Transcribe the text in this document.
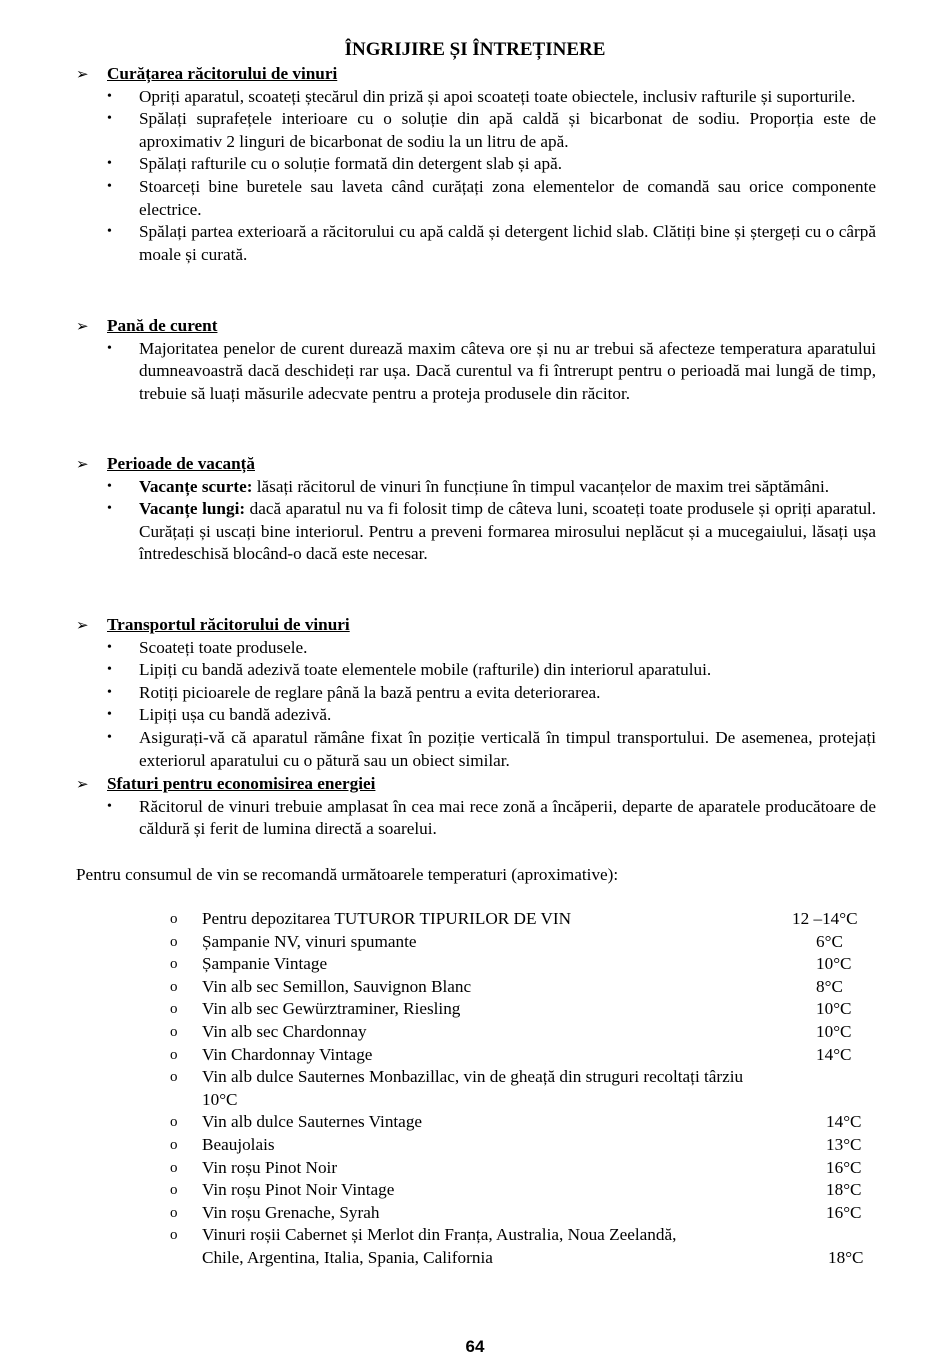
ÎNGRIJIRE ȘI ÎNTREȚINERE
➢	Curățarea răcitorului de vinuri
• Opriți aparatul, scoateți ștecărul din priză și apoi scoateți toate obiectele, inclusiv rafturile și suporturile.
• Spălați suprafețele interioare cu o soluție din apă caldă și bicarbonat de sodiu. Proporția este de aproximativ 2 linguri de bicarbonat de sodiu la un litru de apă.
• Spălați rafturile cu o soluție formată din detergent slab și apă.
• Stoarceți bine buretele sau laveta când curățați zona elementelor de comandă sau orice componente electrice.
• Spălați partea exterioară a răcitorului cu apă caldă și detergent lichid slab. Clătiți bine și ștergeți cu o cârpă moale și curată.
➢	Pană de curent
• Majoritatea penelor de curent durează maxim câteva ore și nu ar trebui să afecteze temperatura aparatului dumneavoastră dacă deschideți rar ușa. Dacă curentul va fi întrerupt pentru o perioadă mai lungă de timp, trebuie să luați măsurile adecvate pentru a proteja produsele din răcitor.
➢	Perioade de vacanță
• Vacanțe scurte: lăsați răcitorul de vinuri în funcțiune în timpul vacanțelor de maxim trei săptămâni.
• Vacanțe lungi: dacă aparatul nu va fi folosit timp de câteva luni, scoateți toate produsele și opriți aparatul. Curățați și uscați bine interiorul. Pentru a preveni formarea mirosului neplăcut și a mucegaiului, lăsați ușa întredeschisă blocând-o dacă este necesar.
➢	Transportul răcitorului de vinuri
• Scoateți toate produsele.
• Lipiți cu bandă adezivă toate elementele mobile (rafturile) din interiorul aparatului.
• Rotiți picioarele de reglare până la bază pentru a evita deteriorarea.
• Lipiți ușa cu bandă adezivă.
• Asigurați-vă că aparatul rămâne fixat în poziție verticală în timpul transportului. De asemenea, protejați exteriorul aparatului cu o pătură sau un obiect similar.
➢	Sfaturi pentru economisirea energiei
• Răcitorul de vinuri trebuie amplasat în cea mai rece zonă a încăperii, departe de aparatele producătoare de căldură și ferit de lumina directă a soarelui.
Pentru consumul de vin se recomandă următoarele temperaturi (aproximative):
o	Pentru depozitarea TUTUROR TIPURILOR DE VIN	12 –14°C
o	Șampanie NV, vinuri spumante	6°C
o	Șampanie Vintage	10°C
o	Vin alb sec Semillon, Sauvignon Blanc	8°C
o	Vin alb sec Gewürztraminer, Riesling	10°C
o	Vin alb sec Chardonnay	10°C
o	Vin Chardonnay Vintage	14°C
o	Vin alb dulce Sauternes Monbazillac, vin de gheață din struguri recoltați târziu
10°C
o	Vin alb dulce Sauternes Vintage	14°C
o	Beaujolais	13°C
o	Vin roșu Pinot Noir	16°C
o	Vin roșu Pinot Noir Vintage	18°C
o	Vin roșu Grenache, Syrah	16°C
o	Vinuri roșii Cabernet și Merlot din Franța, Australia, Noua Zeelandă, Chile, Argentina, Italia, Spania, California	18°C
64
